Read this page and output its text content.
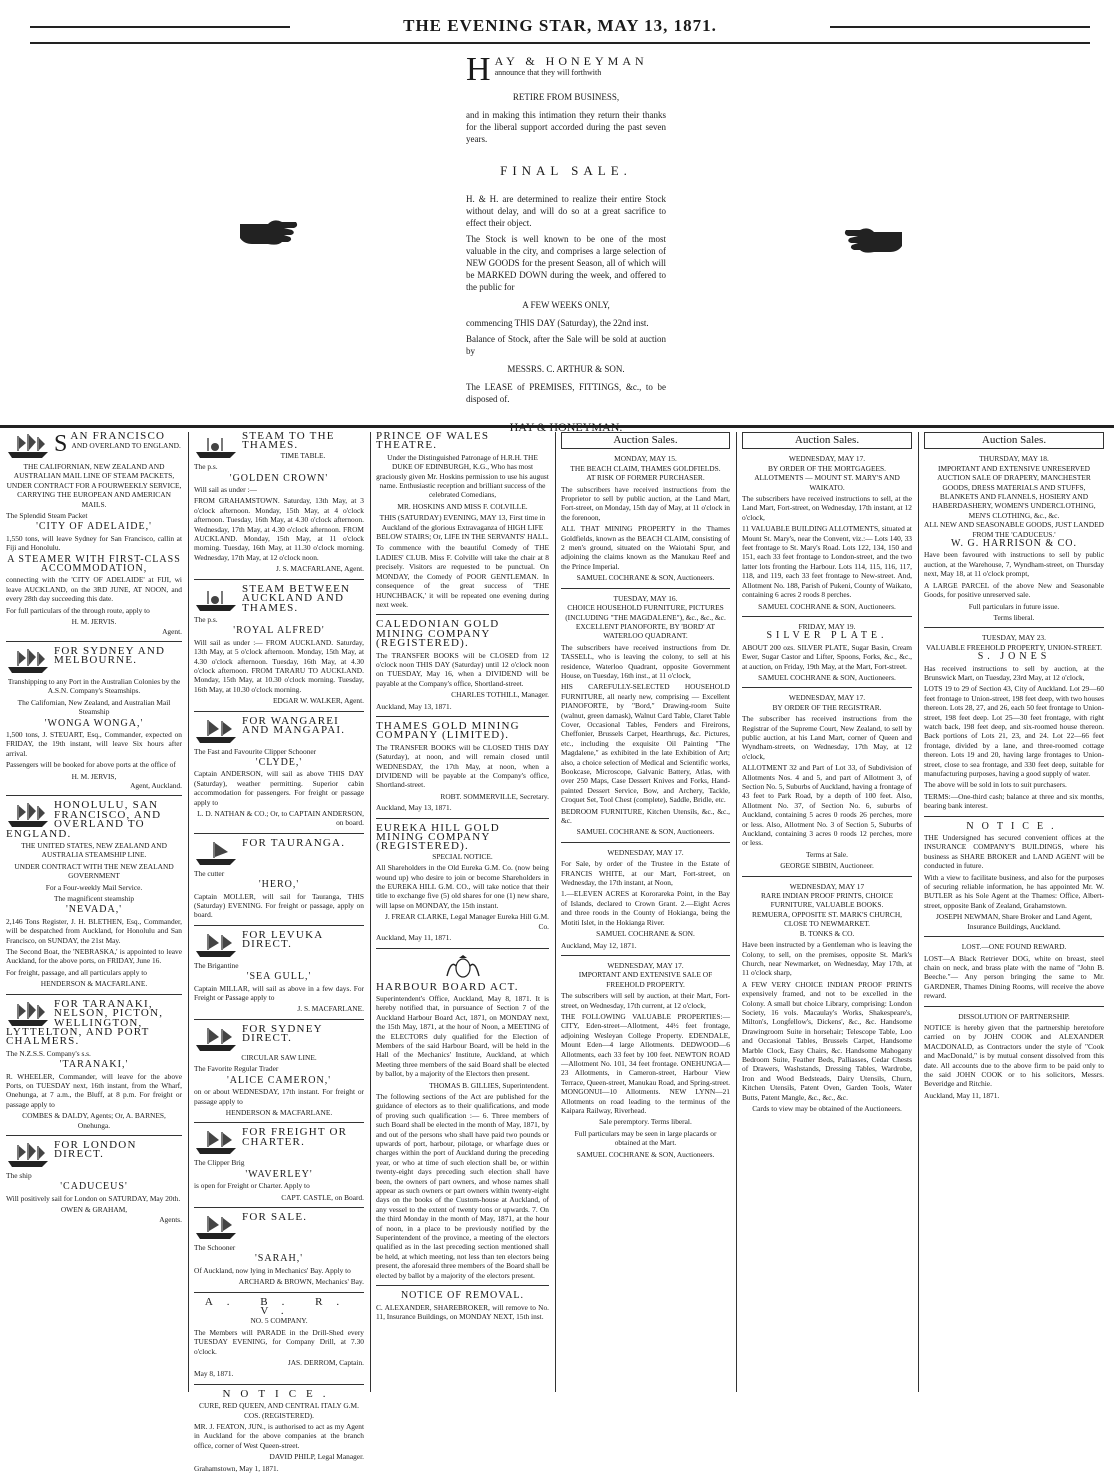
THE EVENING STAR, MAY 13, 1871.
H AY & HONEYMAN
announce that they will forthwith
RETIRE FROM BUSINESS,

and in making this intimation they return their thanks for the liberal support accorded during the past seven years.

FINAL SALE.

H. & H. are determined to realize their entire Stock without delay, and will do so at a great sacrifice to effect their object.

The Stock is well known to be one of the most valuable in the city, and comprises a large selection of NEW GOODS for the present Season, all of which will be MARKED DOWN during the week, and offered to the public for

A FEW WEEKS ONLY,

commencing THIS DAY (Saturday), the 22nd inst.

Balance of Stock, after the Sale will be sold at auction by

MESSRS. C. ARTHUR & SON.

The LEASE of PREMISES, FITTINGS, &c., to be disposed of.

HAY & HONEYMAN.
S AN FRANCISCO
AND OVERLAND TO ENGLAND.

THE CALIFORNIAN, NEW ZEALAND AND AUSTRALIAN MAIL LINE OF STEAM PACKETS, UNDER CONTRACT FOR A FOURWEEKLY SERVICE, CARRYING THE EUROPEAN AND AMERICAN MAILS.

The Splendid Steam Packet

'CITY OF ADELAIDE,'

1,550 tons, will leave Sydney for San Francisco, callin at Fiji and Honolulu.

A STEAMER WITH FIRST-CLASS ACCOMMODATION,

connecting with the 'CITY OF ADELAIDE' at FIJI, wi leave AUCKLAND, on the 3RD JUNE, AT NOON, and every 28th day succeeding this date.

For full particulars of the through route, apply to

H. M. JERVIS.
Agent.
FOR SYDNEY AND MELBOURNE.

Transhipping to any Port in the Australian Colonies by the A.S.N. Company's Steamships.

The Californian, New Zealand, and Australian Mail Steamship

'WONGA WONGA,'

1,500 tons, J. STEUART, Esq., Commander, expected on FRIDAY, the 19th instant, will leave Six hours after arrival.

Passengers will be booked for above ports at the office of

H. M. JERVIS,
Agent, Auckland.
HONOLULU, SAN FRANCISCO, AND OVERLAND TO ENGLAND.

THE UNITED STATES, NEW ZEALAND AND AUSTRALIA STEAMSHIP LINE.

UNDER CONTRACT WITH THE NEW ZEALAND GOVERNMENT

For a Four-weekly Mail Service.

The magnificent steamship

'NEVADA,'

2,146 Tons Register, J. H. BLETHEN, Esq., Commander, will be despatched from Auckland, for Honolulu and San Francisco, on SUNDAY, the 21st May.

The Second Boat, the 'NEBRASKA,' is appointed to leave Auckland, for the above ports, on FRIDAY, June 16.

For freight, passage, and all particulars apply to

HENDERSON & MACFARLANE.
FOR TARANAKI, NELSON, PICTON, WELLINGTON, LYTTELTON, AND PORT CHALMERS.

The N.Z.S.S. Company's s.s.

'TARANAKI,'

R. WHEELER, Commander, will leave for the above Ports, on TUESDAY next, 16th instant, from the Wharf, Onehunga, at 7 a.m., the Bluff, at 8 p.m. For freight or passage apply to

COMBES & DALDY, Agents; Or, A. BARNES, Onehunga.
FOR LONDON DIRECT.

The ship

'CADUCEUS'

Will positively sail for London on SATURDAY, May 20th.

OWEN & GRAHAM,
Agents.
STEAM TO THE THAMES.
TIME TABLE.

The p.s.

'GOLDEN CROWN'

Will sail as under :—

FROM GRAHAMSTOWN. Saturday, 13th May, at 3 o'clock afternoon. Monday, 15th May, at 4 o'clock afternoon. Tuesday, 16th May, at 4.30 o'clock afternoon. Wednesday, 17th May, at 4.30 o'clock afternoon. FROM AUCKLAND. Monday, 15th May, at 11 o'clock morning. Tuesday, 16th May, at 11.30 o'clock morning. Wednesday, 17th May, at 12 o'clock noon.

J. S. MACFARLANE, Agent.
STEAM BETWEEN AUCKLAND AND THAMES.

The p.s.

'ROYAL ALFRED'

Will sail as under :— FROM AUCKLAND. Saturday, 13th May, at 5 o'clock afternoon. Monday, 15th May, at 4.30 o'clock afternoon. Tuesday, 16th May, at 4.30 o'clock afternoon. FROM TARARU TO AUCKLAND. Monday, 15th May, at 10.30 o'clock morning. Tuesday, 16th May, at 10.30 o'clock morning.

EDGAR W. WALKER, Agent.
FOR WANGAREI AND MANGAPAI.

The Fast and Favourite Clipper Schooner

'CLYDE,'

Captain ANDERSON, will sail as above THIS DAY (Saturday), weather permitting. Superior cabin accommodation for passengers. For freight or passage apply to

L. D. NATHAN & CO.; Or, to CAPTAIN ANDERSON, on board.
FOR TAURANGA.

The cutter

'HERO,'

Captain MOLLER, will sail for Tauranga, THIS (Saturday) EVENING. For freight or passage, apply on board.

FOR LEVUKA DIRECT.

The Brigantine

'SEA GULL,'

Captain MILLAR, will sail as above in a few days. For Freight or Passage apply to

J. S. MACFARLANE.
FOR SYDNEY DIRECT.
CIRCULAR SAW LINE.

The Favorite Regular Trader

'ALICE CAMERON,'

on or about WEDNESDAY, 17th instant. For freight or passage apply to

HENDERSON & MACFARLANE.
FOR FREIGHT OR CHARTER.

The Clipper Brig

'WAVERLEY'

is open for Freight or Charter. Apply to

CAPT. CASTLE, on Board.
FOR SALE.

The Schooner

'SARAH,'

Of Auckland, now lying in Mechanics' Bay. Apply to

ARCHARD & BROWN, Mechanics' Bay.
A. B. R. V.
NO. 5 COMPANY.

The Members will PARADE in the Drill-Shed every TUESDAY EVENING, for Company Drill, at 7.30 o'clock.

JAS. DERROM, Captain.

May 8, 1871.

NOTICE.

CURE, RED QUEEN, AND CENTRAL ITALY G.M. COS. (REGISTERED).

MR. J. FEATON, JUN., is authorised to act as my Agent in Auckland for the above companies at the branch office, corner of West Queen-street.

DAVID PHILP, Legal Manager.

Grahamstown, May 1, 1871.

PRINCE OF WALES THEATRE.

Under the Distinguished Patronage of H.R.H. THE DUKE OF EDINBURGH, K.G., Who has most graciously given Mr. Hoskins permission to use his august name. Enthusiastic reception and brilliant success of the celebrated Comedians,

MR. HOSKINS AND MISS F. COLVILLE.

THIS (SATURDAY) EVENING, MAY 13, First time in Auckland of the glorious Extravaganza of HIGH LIFE BELOW STAIRS; Or, LIFE IN THE SERVANTS' HALL.

To commence with the beautiful Comedy of THE LADIES' CLUB. Miss F. Colville will take the chair at 8 precisely. Visitors are requested to be punctual. On MONDAY, the Comedy of POOR GENTLEMAN. In consequence of the great success of 'THE HUNCHBACK,' it will be repeated one evening during next week.

CALEDONIAN GOLD MINING COMPANY (REGISTERED).

The TRANSFER BOOKS will be CLOSED from 12 o'clock noon THIS DAY (Saturday) until 12 o'clock noon on TUESDAY, May 16, when a DIVIDEND will be payable at the Company's office, Shortland-street.

CHARLES TOTHILL, Manager.

Auckland, May 13, 1871.

THAMES GOLD MINING COMPANY (LIMITED).

The TRANSFER BOOKS will be CLOSED THIS DAY (Saturday), at noon, and will remain closed until WEDNESDAY, the 17th May, at noon, when a DIVIDEND will be payable at the Company's office, Shortland-street.

ROBT. SOMMERVILLE, Secretary.

Auckland, May 13, 1871.

EUREKA HILL GOLD MINING COMPANY (REGISTERED).
SPECIAL NOTICE.

All Shareholders in the Old Eureka G.M. Co. (now being wound up) who desire to join or become Shareholders in the EUREKA HILL G.M. CO., will take notice that their title to exchange five (5) old shares for one (1) new share, will lapse on MONDAY, the 15th instant.

J. FREAR CLARKE, Legal Manager Eureka Hill G.M. Co.

Auckland, May 11, 1871.

HARBOUR BOARD ACT.

Superintendent's Office, Auckland, May 8, 1871. It is hereby notified that, in pursuance of Section 7 of the Auckland Harbour Board Act, 1871, on MONDAY next, the 15th May, 1871, at the hour of Noon, a MEETING of the ELECTORS duly qualified for the Election of Members of the said Harbour Board, will be held in the Hall of the Mechanics' Institute, Auckland, at which Meeting three members of the said Board shall be elected by ballot, by a majority of the Electors then present.

THOMAS B. GILLIES, Superintendent.

The following sections of the Act are published for the guidance of electors as to their qualifications, and mode of proving such qualification :— 6. Three members of such Board shall be elected in the month of May, 1871, by and out of the persons who shall have paid two pounds or upwards of port, harbour, pilotage, or wharfage dues or charges within the port of Auckland during the preceding year, or who at time of such election shall be, or within twenty-eight days preceding such election shall have been, the owners of part owners, and whose names shall appear as such owners or part owners within twenty-eight days on the books of the Custom-house at Auckland, of any vessel to the extent of twenty tons or upwards. 7. On the third Monday in the month of May, 1871, at the hour of noon, in a place to be previously notified by the Superintendent of the province, a meeting of the electors qualified as in the last preceding section mentioned shall be held, at which meeting, not less than ten electors being present, the aforesaid three members of the Board shall be elected by ballot by a majority of the electors present.

NOTICE OF REMOVAL.

C. ALEXANDER, SHAREBROKER, will remove to No. 11, Insurance Buildings, on MONDAY NEXT, 15th inst.

Auction Sales.
MONDAY, MAY 15.
THE BEACH CLAIM, THAMES GOLDFIELDS.
AT RISK OF FORMER PURCHASER.

The subscribers have received instructions from the Proprietor to sell by public auction, at the Land Mart, Fort-street, on Monday, 15th day of May, at 11 o'clock in the forenoon,

ALL THAT MINING PROPERTY in the Thames Goldfields, known as the BEACH CLAIM, consisting of 2 men's ground, situated on the Waiotahi Spur, and adjoining the claims known as the Manukau Reef and the Prince Imperial.

SAMUEL COCHRANE & SON, Auctioneers.
TUESDAY, MAY 16.
CHOICE HOUSEHOLD FURNITURE, PICTURES (INCLUDING "THE MAGDALENE"), &c., &c., &c.
EXCELLENT PIANOFORTE, BY 'BORD' AT WATERLOO QUADRANT.

The subscribers have received instructions from Dr. TASSELL, who is leaving the colony, to sell at his residence, Waterloo Quadrant, opposite Government House, on Tuesday, 16th inst., at 11 o'clock,

HIS CAREFULLY-SELECTED HOUSEHOLD FURNITURE, all nearly new, comprising — Excellent PIANOFORTE, by "Bord," Drawing-room Suite (walnut, green damask), Walnut Card Table, Claret Table Cover, Occasional Tables, Fenders and Fireirons, Cheffonier, Brussels Carpet, Hearthrugs, &c. Pictures, etc., including the exquisite Oil Painting "The Magdalene," as exhibited in the late Exhibition of Art; also, a choice selection of Medical and Scientific works, Bookcase, Microscope, Galvanic Battery, Atlas, with over 250 Maps, Case Dessert Knives and Forks, Hand-painted Dessert Service, Bow, and Archery, Tackle, Croquet Set, Tool Chest (complete), Saddle, Bridle, etc.

BEDROOM FURNITURE, Kitchen Utensils, &c., &c., &c.

SAMUEL COCHRANE & SON, Auctioneers.
WEDNESDAY, MAY 17.

For Sale, by order of the Trustee in the Estate of FRANCIS WHITE, at our Mart, Fort-street, on Wednesday, the 17th instant, at Noon,

1.—ELEVEN ACRES at Kororareka Point, in the Bay of Islands, declared to Crown Grant. 2.—Eight Acres and three roods in the County of Hokianga, being the Motiti Islet, in the Hokianga River.

SAMUEL COCHRANE & SON.

Auckland, May 12, 1871.

WEDNESDAY, MAY 17.
IMPORTANT AND EXTENSIVE SALE OF FREEHOLD PROPERTY.

The subscribers will sell by auction, at their Mart, Fort-street, on Wednesday, 17th current, at 12 o'clock,

THE FOLLOWING VALUABLE PROPERTIES:— CITY, Eden-street—Allotment, 44½ feet frontage, adjoining Wesleyan College Property. EDENDALE, Mount Eden—4 large Allotments. DEDWOOD—6 Allotments, each 33 feet by 100 feet. NEWTON ROAD—Allotment No. 101, 34 feet frontage. ONEHUNGA—23 Allotments, in Cameron-street, Harbour View Terrace, Queen-street, Manukau Road, and Spring-street. MONGONUI—10 Allotments. NEW LYNN—21 Allotments on road leading to the terminus of the Kaipara Railway, Riverhead.

Sale peremptory. Terms liberal.

Full particulars may be seen in large placards or obtained at the Mart.

SAMUEL COCHRANE & SON, Auctioneers.
Auction Sales.
WEDNESDAY, MAY 17.
BY ORDER OF THE MORTGAGEES.
ALLOTMENTS — MOUNT ST. MARY'S AND WAIKATO.

The subscribers have received instructions to sell, at the Land Mart, Fort-street, on Wednesday, 17th instant, at 12 o'clock,

11 VALUABLE BUILDING ALLOTMENTS, situated at Mount St. Mary's, near the Convent, viz.:— Lots 140, 33 feet frontage to St. Mary's Road. Lots 122, 134, 150 and 151, each 33 feet frontage to London-street, and the two latter lots fronting the Harbour. Lots 114, 115, 116, 117, 118, and 119, each 33 feet frontage to New-street. And, Allotment No. 188, Parish of Pukeni, County of Waikato, containing 6 acres 2 roods 8 perches.

SAMUEL COCHRANE & SON, Auctioneers.
FRIDAY, MAY 19.
SILVER PLATE.

ABOUT 200 ozs. SILVER PLATE, Sugar Basin, Cream Ewer, Sugar Castor and Lifter, Spoons, Forks, &c., &c., at auction, on Friday, 19th May, at the Mart, Fort-street.

SAMUEL COCHRANE & SON, Auctioneers.
WEDNESDAY, MAY 17.
BY ORDER OF THE REGISTRAR.

The subscriber has received instructions from the Registrar of the Supreme Court, New Zealand, to sell by public auction, at his Land Mart, corner of Queen and Wyndham-streets, on Wednesday, 17th May, at 12 o'clock,

ALLOTMENT 32 and Part of Lot 33, of Subdivision of Allotments Nos. 4 and 5, and part of Allotment 3, of Section No. 5, Suburbs of Auckland, having a frontage of 43 feet to Park Road, by a depth of 100 feet. Also, Allotment No. 37, of Section No. 6, suburbs of Auckland, containing 5 acres 0 roods 26 perches, more or less. Also, Allotment No. 3 of Section 5, Suburbs of Auckland, containing 3 acres 0 roods 12 perches, more or less.

Terms at Sale.

GEORGE SIBBIN, Auctioneer.
WEDNESDAY, MAY 17
RARE INDIAN PROOF PRINTS, CHOICE FURNITURE, VALUABLE BOOKS.
REMUERA, OPPOSITE ST. MARK'S CHURCH, CLOSE TO NEWMARKET.
B. TONKS & CO.

Have been instructed by a Gentleman who is leaving the Colony, to sell, on the premises, opposite St. Mark's Church, near Newmarket, on Wednesday, May 17th, at 11 o'clock sharp,

A FEW VERY CHOICE INDIAN PROOF PRINTS expensively framed, and not to be excelled in the Colony. A small but choice Library, comprising: London Society, 16 vols. Macaulay's Works, Shakespeare's, Milton's, Longfellow's, Dickens', &c., &c. Handsome Drawingroom Suite in horsehair; Telescope Table, Loo and Occasional Tables, Brussels Carpet, Handsome Marble Clock, Easy Chairs, &c. Handsome Mahogany Bedroom Suite, Feather Beds, Palliasses, Cedar Chests of Drawers, Washstands, Dressing Tables, Wardrobe, Iron and Wood Bedsteads, Dairy Utensils, Churn, Kitchen Utensils, Patent Oven, Garden Tools, Water Butts, Patent Mangle, &c., &c., &c.

Cards to view may be obtained of the Auctioneers.

Auction Sales.
THURSDAY, MAY 18.
IMPORTANT AND EXTENSIVE UNRESERVED AUCTION SALE OF DRAPERY, MANCHESTER GOODS, DRESS MATERIALS AND STUFFS, BLANKETS AND FLANNELS, HOSIERY AND HABERDASHERY, WOMEN'S UNDERCLOTHING, MEN'S CLOTHING, &c., &c.
ALL NEW AND SEASONABLE GOODS, JUST LANDED FROM THE 'CADUCEUS.'
W. G. HARRISON & CO.

Have been favoured with instructions to sell by public auction, at the Warehouse, 7, Wyndham-street, on Thursday next, May 18, at 11 o'clock prompt,

A LARGE PARCEL of the above New and Seasonable Goods, for positive unreserved sale.

Full particulars in future issue.

Terms liberal.

TUESDAY, MAY 23.
VALUABLE FREEHOLD PROPERTY, UNION-STREET.
S. JONES

Has received instructions to sell by auction, at the Brunswick Mart, on Tuesday, 23rd May, at 12 o'clock,

LOTS 19 to 29 of Section 43, City of Auckland. Lot 29—60 feet frontage to Union-street, 198 feet deep, with two houses thereon. Lots 28, 27, and 26, each 50 feet frontage to Union-street, 198 feet deep. Lot 25—30 feet frontage, with right watch back, 198 feet deep, and six-roomed house thereon. Back portions of Lots 21, 23, and 24. Lot 22—66 feet frontage, divided by a lane, and three-roomed cottage thereon. Lots 19 and 20, having large frontages to Union-street, close to sea frontage, and 330 feet deep, suitable for manufacturing purposes, having a good supply of water.

The above will be sold in lots to suit purchasers.

TERMS:—One-third cash; balance at three and six months, bearing bank interest.

NOTICE.

THE Undersigned has secured convenient offices at the INSURANCE COMPANY'S BUILDINGS, where his business as SHARE BROKER and LAND AGENT will be conducted in future.

With a view to facilitate business, and also for the purposes of securing reliable information, he has appointed Mr. W. BUTLER as his Sole Agent at the Thames: Office, Albert-street, opposite Bank of Zealand, Grahamstown.

JOSEPH NEWMAN, Share Broker and Land Agent, Insurance Buildings, Auckland.
LOST.—ONE FOUND REWARD.

LOST—A Black Retriever DOG, white on breast, steel chain on neck, and brass plate with the name of "John B. Beeche."— Any person bringing the same to Mr. GARDNER, Thames Dining Rooms, will receive the above reward.

DISSOLUTION OF PARTNERSHIP.

NOTICE is hereby given that the partnership heretofore carried on by JOHN COOK and ALEXANDER MACDONALD, as Contractors under the style of "Cook and MacDonald," is by mutual consent dissolved from this date. All accounts due to the above firm to be paid only to the said JOHN COOK or to his solicitors, Messrs. Beveridge and Ritchie.

Auckland, May 11, 1871.
